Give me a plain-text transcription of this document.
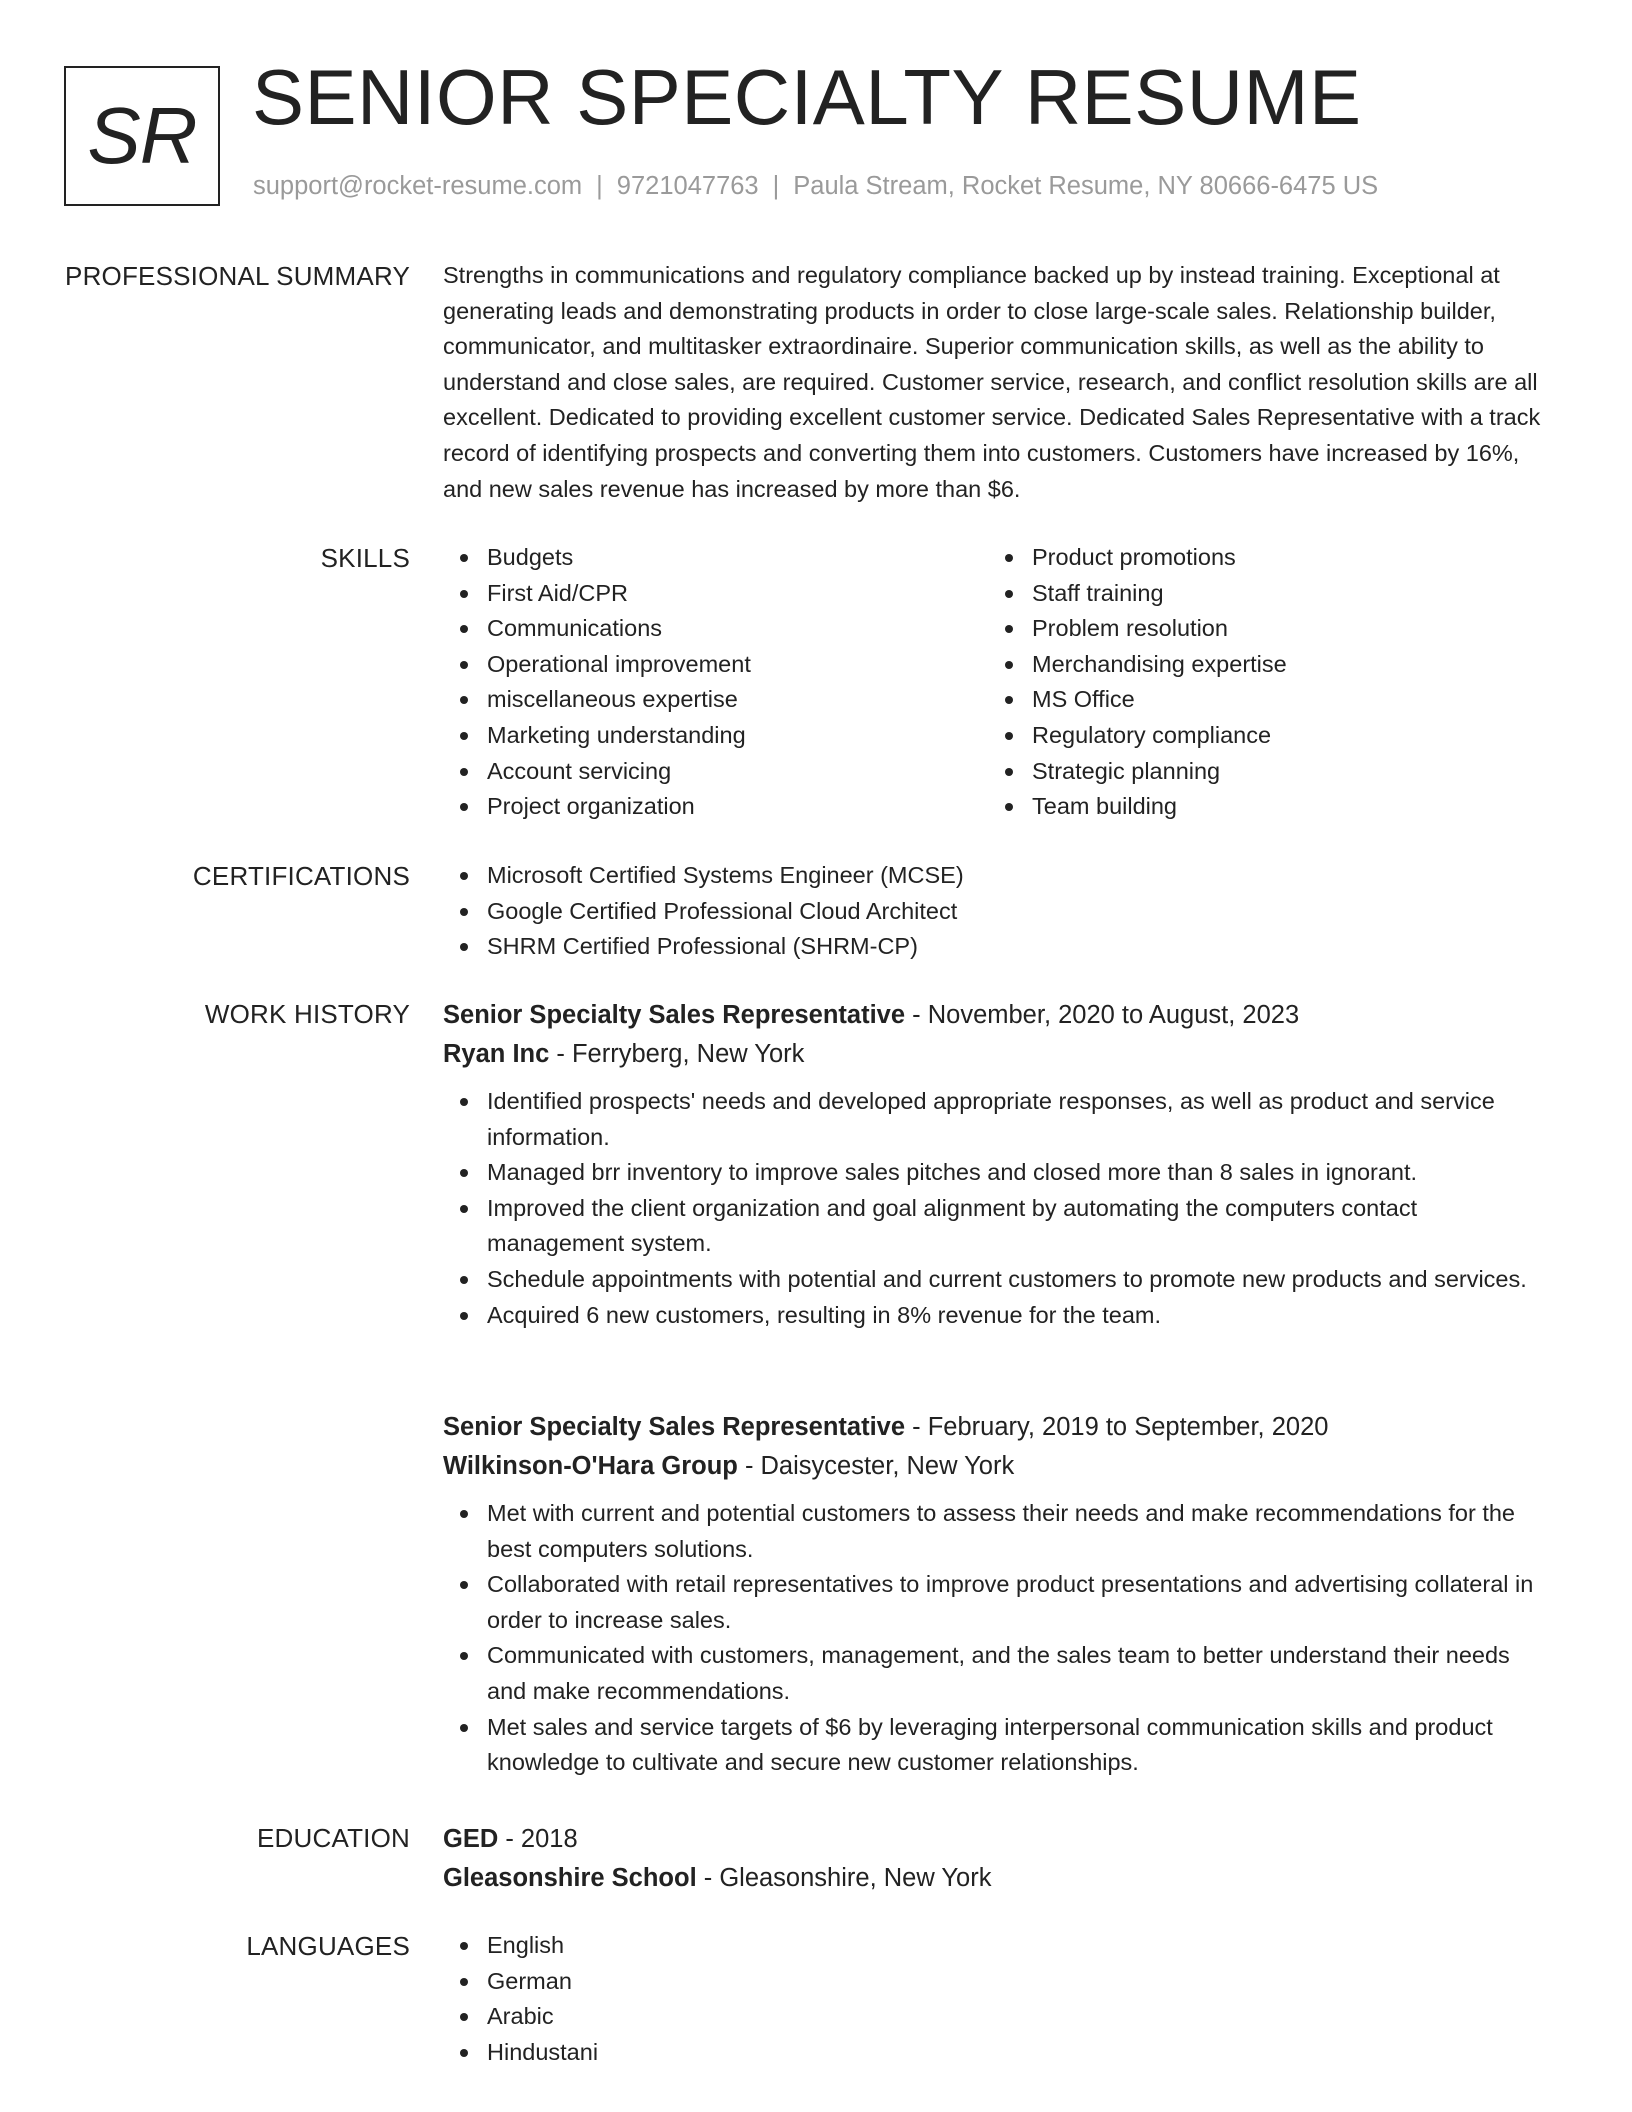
SR SENIOR SPECIALTY RESUME
support@rocket-resume.com | 9721047763 | Paula Stream, Rocket Resume, NY 80666-6475 US
PROFESSIONAL SUMMARY Strengths in communications and regulatory compliance backed up by instead training. Exceptional at generating leads and demonstrating products in order to close large-scale sales. Relationship builder, communicator, and multitasker extraordinaire. Superior communication skills, as well as the ability to understand and close sales, are required. Customer service, research, and conflict resolution skills are all excellent. Dedicated to providing excellent customer service. Dedicated Sales Representative with a track record of identifying prospects and converting them into customers. Customers have increased by 16%, and new sales revenue has increased by more than $6.

SKILLS	Budgets
First Aid/CPR
Communications
Operational improvement
miscellaneous expertise
Marketing understanding
Account servicing
Project organization
Product promotions
Staff training
Problem resolution
Merchandising expertise
MS Office
Regulatory compliance
Strategic planning
Team building
CERTIFICATIONS	Microsoft Certified Systems Engineer (MCSE)
Google Certified Professional Cloud Architect
SHRM Certified Professional (SHRM-CP)
WORK HISTORY Senior Specialty Sales Representative - November, 2020 to August, 2023
Ryan Inc - Ferryberg, New York
Identified prospects' needs and developed appropriate responses, as well as product and service information.
Managed brr inventory to improve sales pitches and closed more than 8 sales in ignorant.
Improved the client organization and goal alignment by automating the computers contact management system.
Schedule appointments with potential and current customers to promote new products and services.
Acquired 6 new customers, resulting in 8% revenue for the team.
Senior Specialty Sales Representative - February, 2019 to September, 2020
Wilkinson-O'Hara Group - Daisycester, New York
Met with current and potential customers to assess their needs and make recommendations for the best computers solutions.
Collaborated with retail representatives to improve product presentations and advertising collateral in order to increase sales.
Communicated with customers, management, and the sales team to better understand their needs and make recommendations.
Met sales and service targets of $6 by leveraging interpersonal communication skills and product knowledge to cultivate and secure new customer relationships.
EDUCATION GED - 2018
Gleasonshire School - Gleasonshire, New York
LANGUAGES	English
German
Arabic
Hindustani
